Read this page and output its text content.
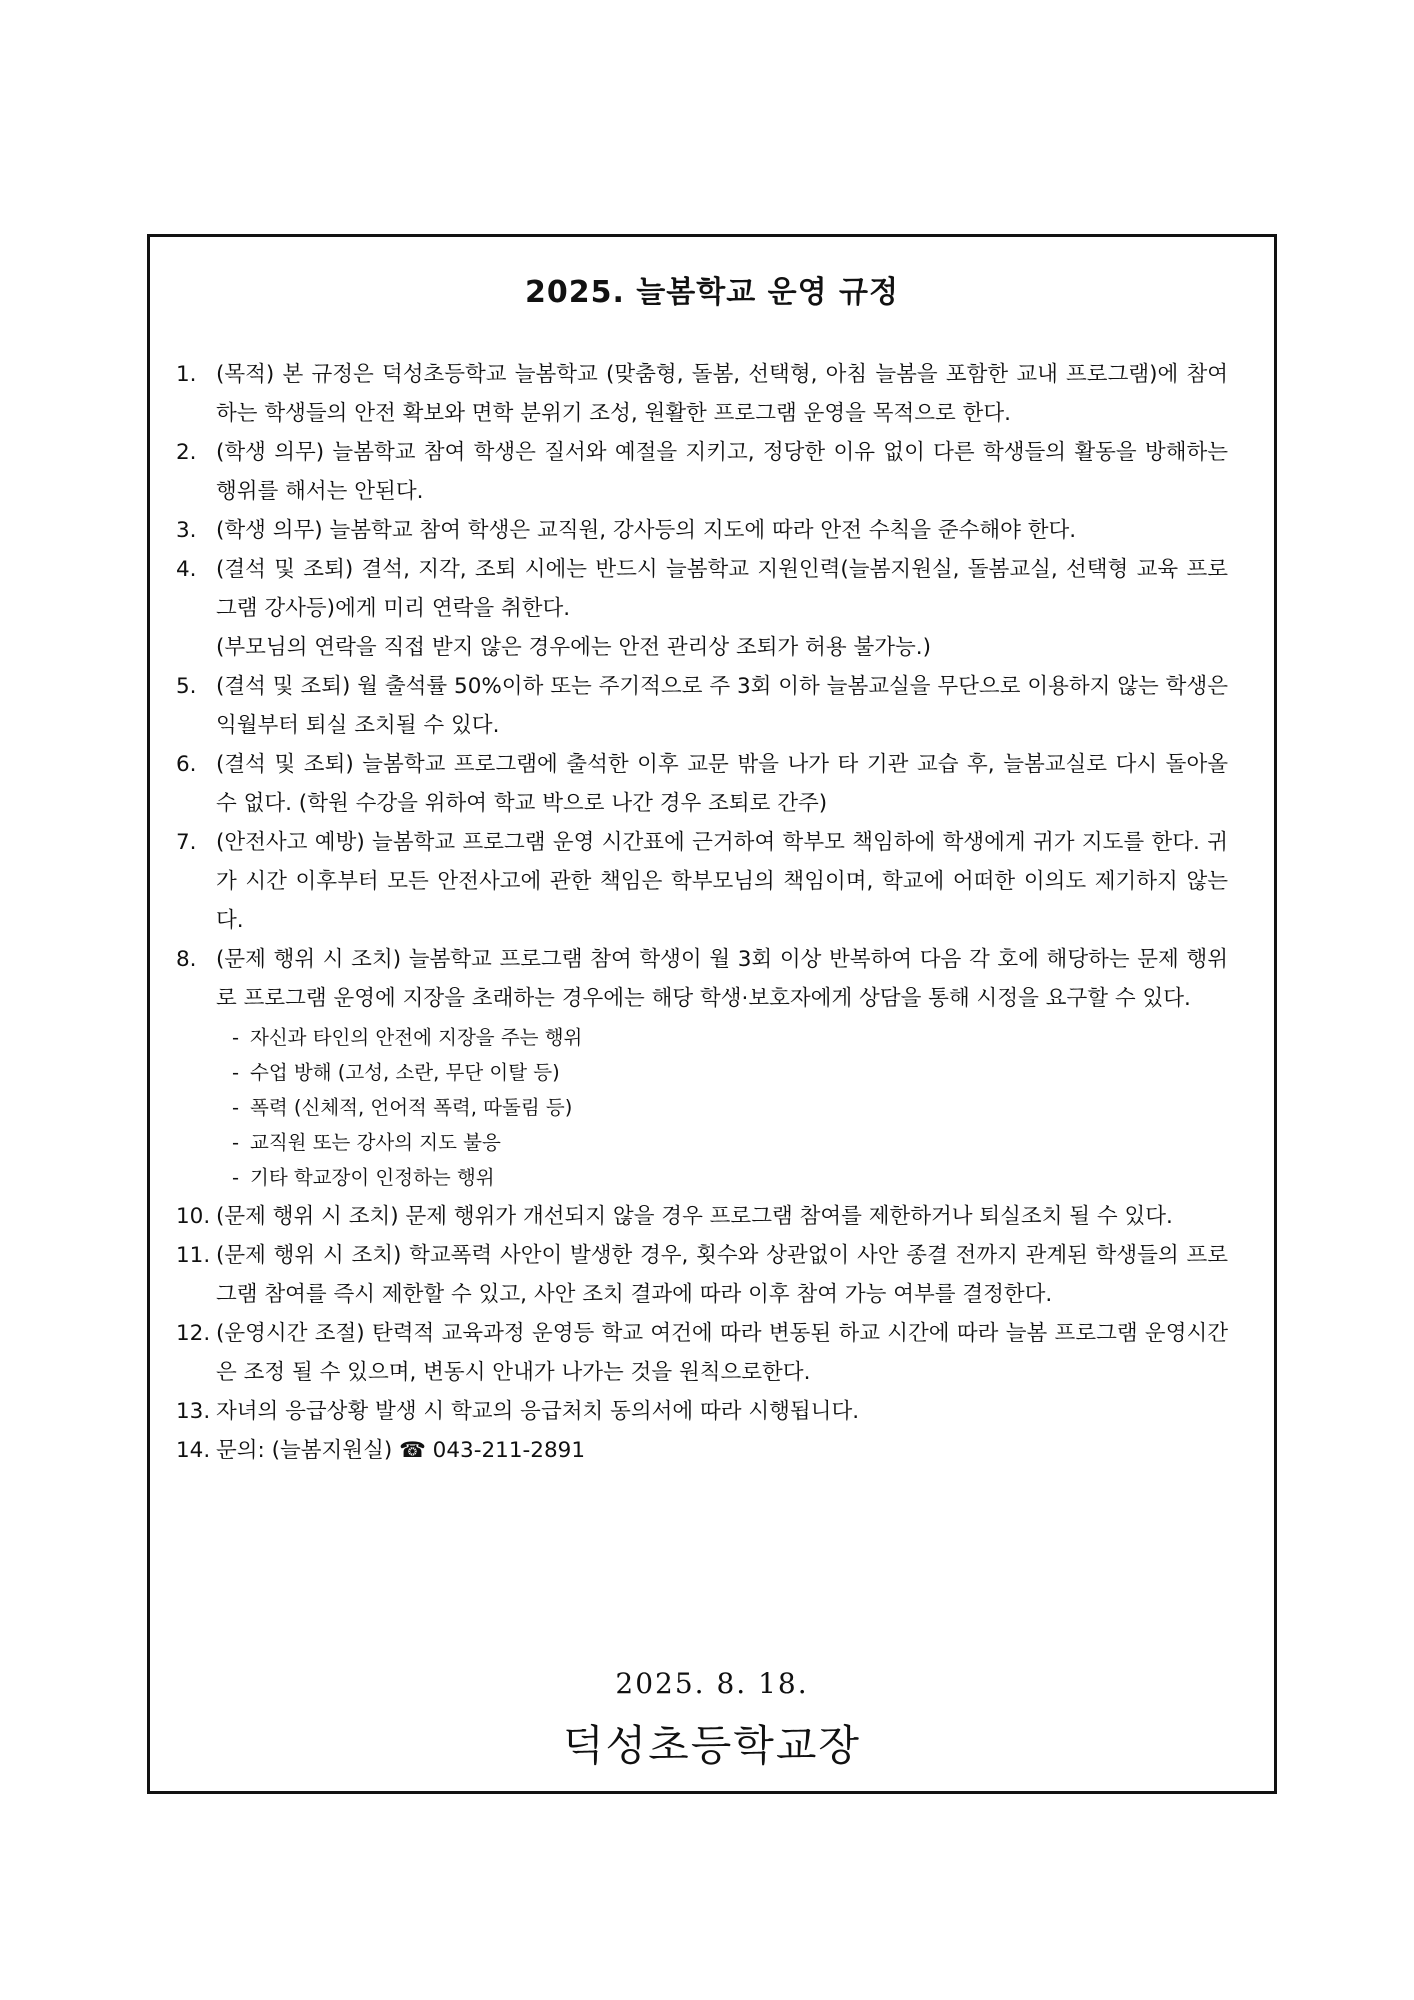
2025. 늘봄학교 운영 규정
1. (목적) 본 규정은 덕성초등학교 늘봄학교 (맞춤형, 돌봄, 선택형, 아침 늘봄을 포함한 교내 프로그램)에 참여하는 학생들의 안전 확보와 면학 분위기 조성, 원활한 프로그램 운영을 목적으로 한다.
2. (학생 의무) 늘봄학교 참여 학생은 질서와 예절을 지키고, 정당한 이유 없이 다른 학생들의 활동을 방해하는 행위를 해서는 안된다.
3. (학생 의무) 늘봄학교 참여 학생은 교직원, 강사등의 지도에 따라 안전 수칙을 준수해야 한다.
4. (결석 및 조퇴) 결석, 지각, 조퇴 시에는 반드시 늘봄학교 지원인력(늘봄지원실, 돌봄교실, 선택형 교육 프로그램 강사등)에게 미리 연락을 취한다.
(부모님의 연락을 직접 받지 않은 경우에는 안전 관리상 조퇴가 허용 불가능.)
5. (결석 및 조퇴) 월 출석률 50%이하 또는 주기적으로 주 3회 이하 늘봄교실을 무단으로 이용하지 않는 학생은 익월부터 퇴실 조치될 수 있다.
6. (결석 및 조퇴) 늘봄학교 프로그램에 출석한 이후 교문 밖을 나가 타 기관 교습 후, 늘봄교실로 다시 돌아올 수 없다. (학원 수강을 위하여 학교 박으로 나간 경우 조퇴로 간주)
7. (안전사고 예방) 늘봄학교 프로그램 운영 시간표에 근거하여 학부모 책임하에 학생에게 귀가 지도를 한다. 귀가 시간 이후부터 모든 안전사고에 관한 책임은 학부모님의 책임이며, 학교에 어떠한 이의도 제기하지 않는다.
8. (문제 행위 시 조치) 늘봄학교 프로그램 참여 학생이 월 3회 이상 반복하여 다음 각 호에 해당하는 문제 행위로 프로그램 운영에 지장을 초래하는 경우에는 해당 학생·보호자에게 상담을 통해 시정을 요구할 수 있다.
- 자신과 타인의 안전에 지장을 주는 행위
- 수업 방해 (고성, 소란, 무단 이탈 등)
- 폭력 (신체적, 언어적 폭력, 따돌림 등)
- 교직원 또는 강사의 지도 불응
- 기타 학교장이 인정하는 행위
10. (문제 행위 시 조치) 문제 행위가 개선되지 않을 경우 프로그램 참여를 제한하거나 퇴실조치 될 수 있다.
11. (문제 행위 시 조치) 학교폭력 사안이 발생한 경우, 횟수와 상관없이 사안 종결 전까지 관계된 학생들의 프로그램 참여를 즉시 제한할 수 있고, 사안 조치 결과에 따라 이후 참여 가능 여부를 결정한다.
12. (운영시간 조절) 탄력적 교육과정 운영등 학교 여건에 따라 변동된 하교 시간에 따라 늘봄 프로그램 운영시간은 조정 될 수 있으며, 변동시 안내가 나가는 것을 원칙으로한다.
13. 자녀의 응급상황 발생 시 학교의 응급처치 동의서에 따라 시행됩니다.
14. 문의: (늘봄지원실) ☎ 043-211-2891

2025. 8. 18.

덕성초등학교장
